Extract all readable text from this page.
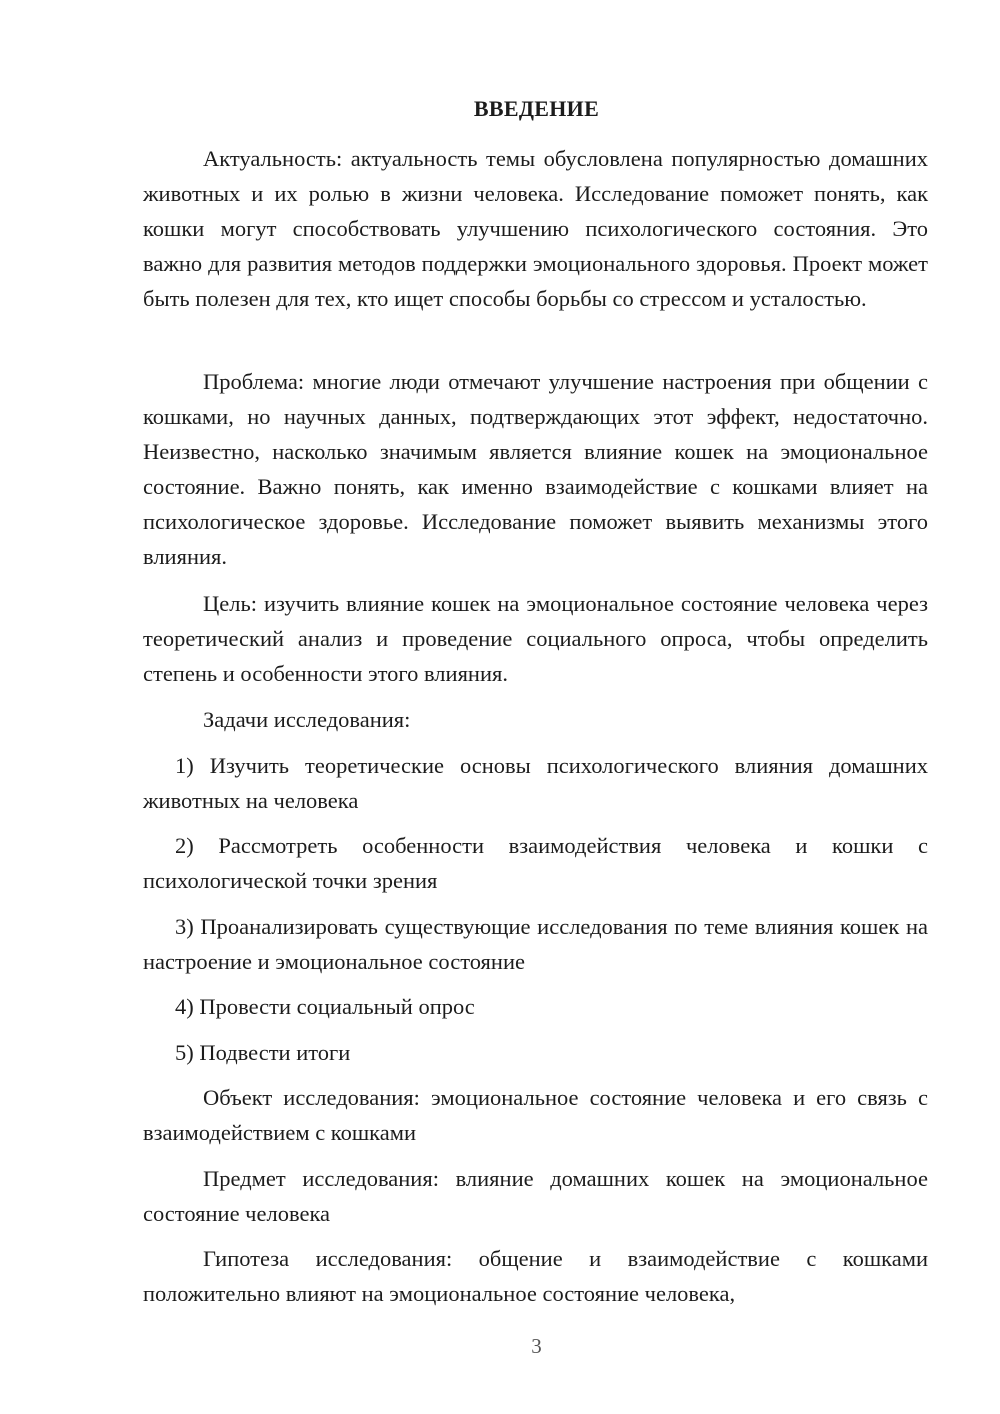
ВВЕДЕНИЕ

Актуальность: актуальность темы обусловлена популярностью домашних животных и их ролью в жизни человека. Исследование поможет понять, как кошки могут способствовать улучшению психологического состояния. Это важно для развития методов поддержки эмоционального здоровья. Проект может быть полезен для тех, кто ищет способы борьбы со стрессом и усталостью.

Проблема: многие люди отмечают улучшение настроения при общении с кошками, но научных данных, подтверждающих этот эффект, недостаточно. Неизвестно, насколько значимым является влияние кошек на эмоциональное состояние. Важно понять, как именно взаимодействие с кошками влияет на психологическое здоровье. Исследование поможет выявить механизмы этого влияния.

Цель: изучить влияние кошек на эмоциональное состояние человека через теоретический анализ и проведение социального опроса, чтобы определить степень и особенности этого влияния.

Задачи исследования:

1) Изучить теоретические основы психологического влияния домашних животных на человека

2) Рассмотреть особенности взаимодействия человека и кошки с психологической точки зрения

3) Проанализировать существующие исследования по теме влияния кошек на настроение и эмоциональное состояние

4) Провести социальный опрос

5) Подвести итоги

Объект исследования: эмоциональное состояние человека и его связь с взаимодействием с кошками

Предмет исследования: влияние домашних кошек на эмоциональное состояние человека

Гипотеза исследования: общение и взаимодействие с кошками положительно влияют на эмоциональное состояние человека,

3
